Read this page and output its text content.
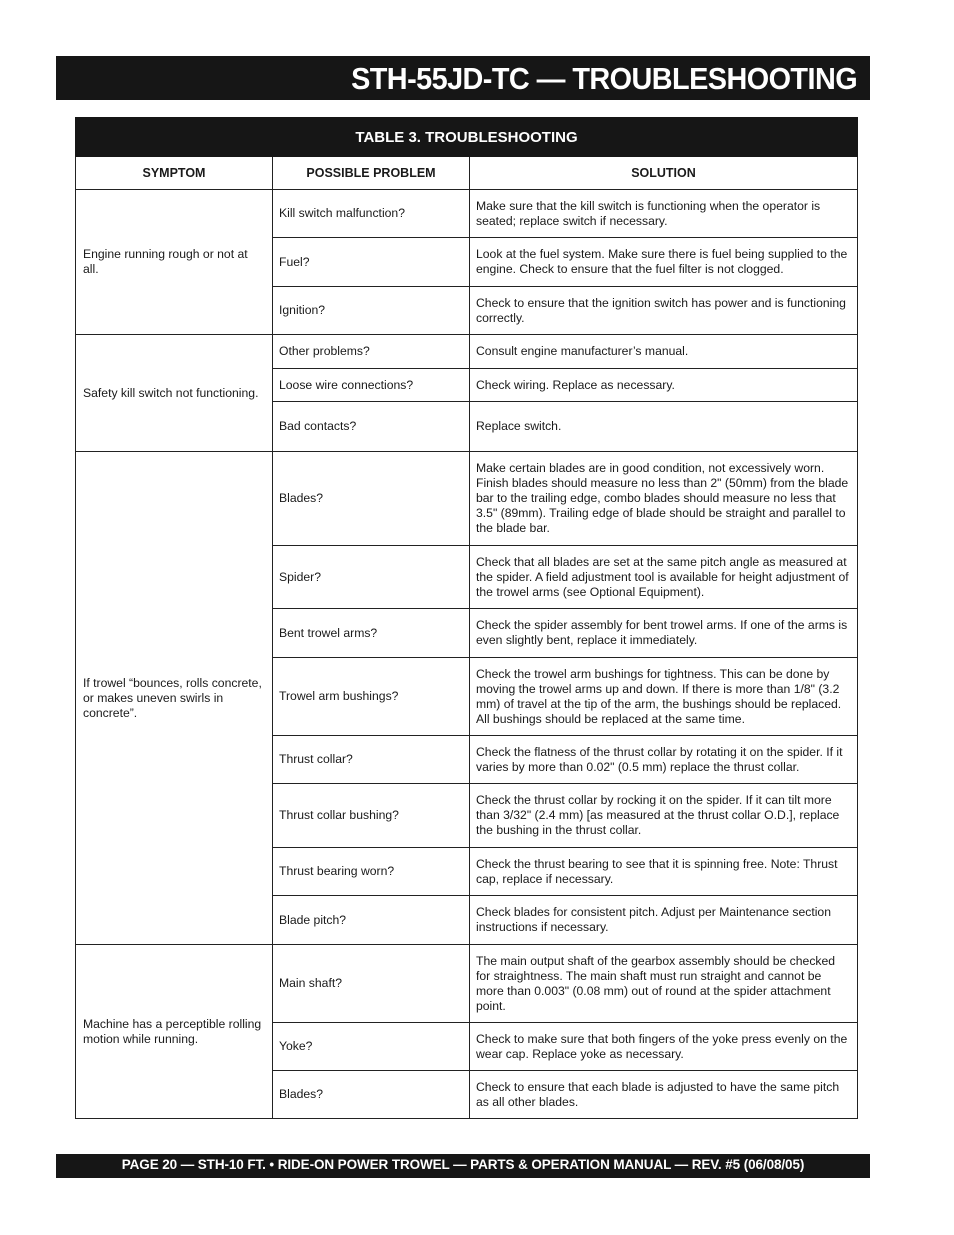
STH-55JD-TC — TROUBLESHOOTING
TABLE 3. TROUBLESHOOTING		
SYMPTOM	POSSIBLE PROBLEM	SOLUTION
Engine running rough or not at all.	Kill switch malfunction?	Make sure that the kill switch is functioning when the operator is seated; replace switch if necessary.
	Fuel?	Look at the fuel system. Make sure there is fuel being supplied to the engine. Check to ensure that the fuel filter is not clogged.
	Ignition?	Check to ensure that the ignition switch has power and is functioning correctly.
Safety kill switch not functioning.	Other problems?	Consult engine manufacturer’s manual.
	Loose wire connections?	Check wiring. Replace as necessary.
	Bad contacts?	Replace switch.
If trowel “bounces, rolls concrete, or makes uneven swirls in concrete”.	Blades?	Make certain blades are in good condition, not excessively worn. Finish blades should measure no less than 2" (50mm) from the blade bar to the trailing edge, combo blades should measure no less that 3.5" (89mm). Trailing edge of blade should be straight and parallel to the blade bar.
	Spider?	Check that all blades are set at the same pitch angle as measured at the spider. A field adjustment tool is available for height adjustment of the trowel arms (see Optional Equipment).
	Bent trowel arms?	Check the spider assembly for bent trowel arms. If one of the arms is even slightly bent, replace it immediately.
	Trowel arm bushings?	Check the trowel arm bushings for tightness. This can be done by moving the trowel arms up and down. If there is more than 1/8" (3.2 mm) of travel at the tip of the arm, the bushings should be replaced. All bushings should be replaced at the same time.
	Thrust collar?	Check the flatness of the thrust collar by rotating it on the spider. If it varies by more than 0.02" (0.5 mm) replace the thrust collar.
	Thrust collar bushing?	Check the thrust collar by rocking it on the spider. If it can tilt more than 3/32" (2.4 mm) [as measured at the thrust collar O.D.], replace the bushing in the thrust collar.
	Thrust bearing worn?	Check the thrust bearing to see that it is spinning free. Note: Thrust cap, replace if necessary.
	Blade pitch?	Check blades for consistent pitch. Adjust per Maintenance section instructions if necessary.
Machine has a perceptible rolling motion while running.	Main shaft?	The main output shaft of the gearbox assembly should be checked for straightness. The main shaft must run straight and cannot be more than 0.003" (0.08 mm) out of round at the spider attachment point.
	Yoke?	Check to make sure that both fingers of the yoke press evenly on the wear cap. Replace yoke as necessary.
	Blades?	Check to ensure that each blade is adjusted to have the same pitch as all other blades.
PAGE 20 — STH-10 FT. • RIDE-ON POWER TROWEL — PARTS & OPERATION MANUAL — REV. #5 (06/08/05)
